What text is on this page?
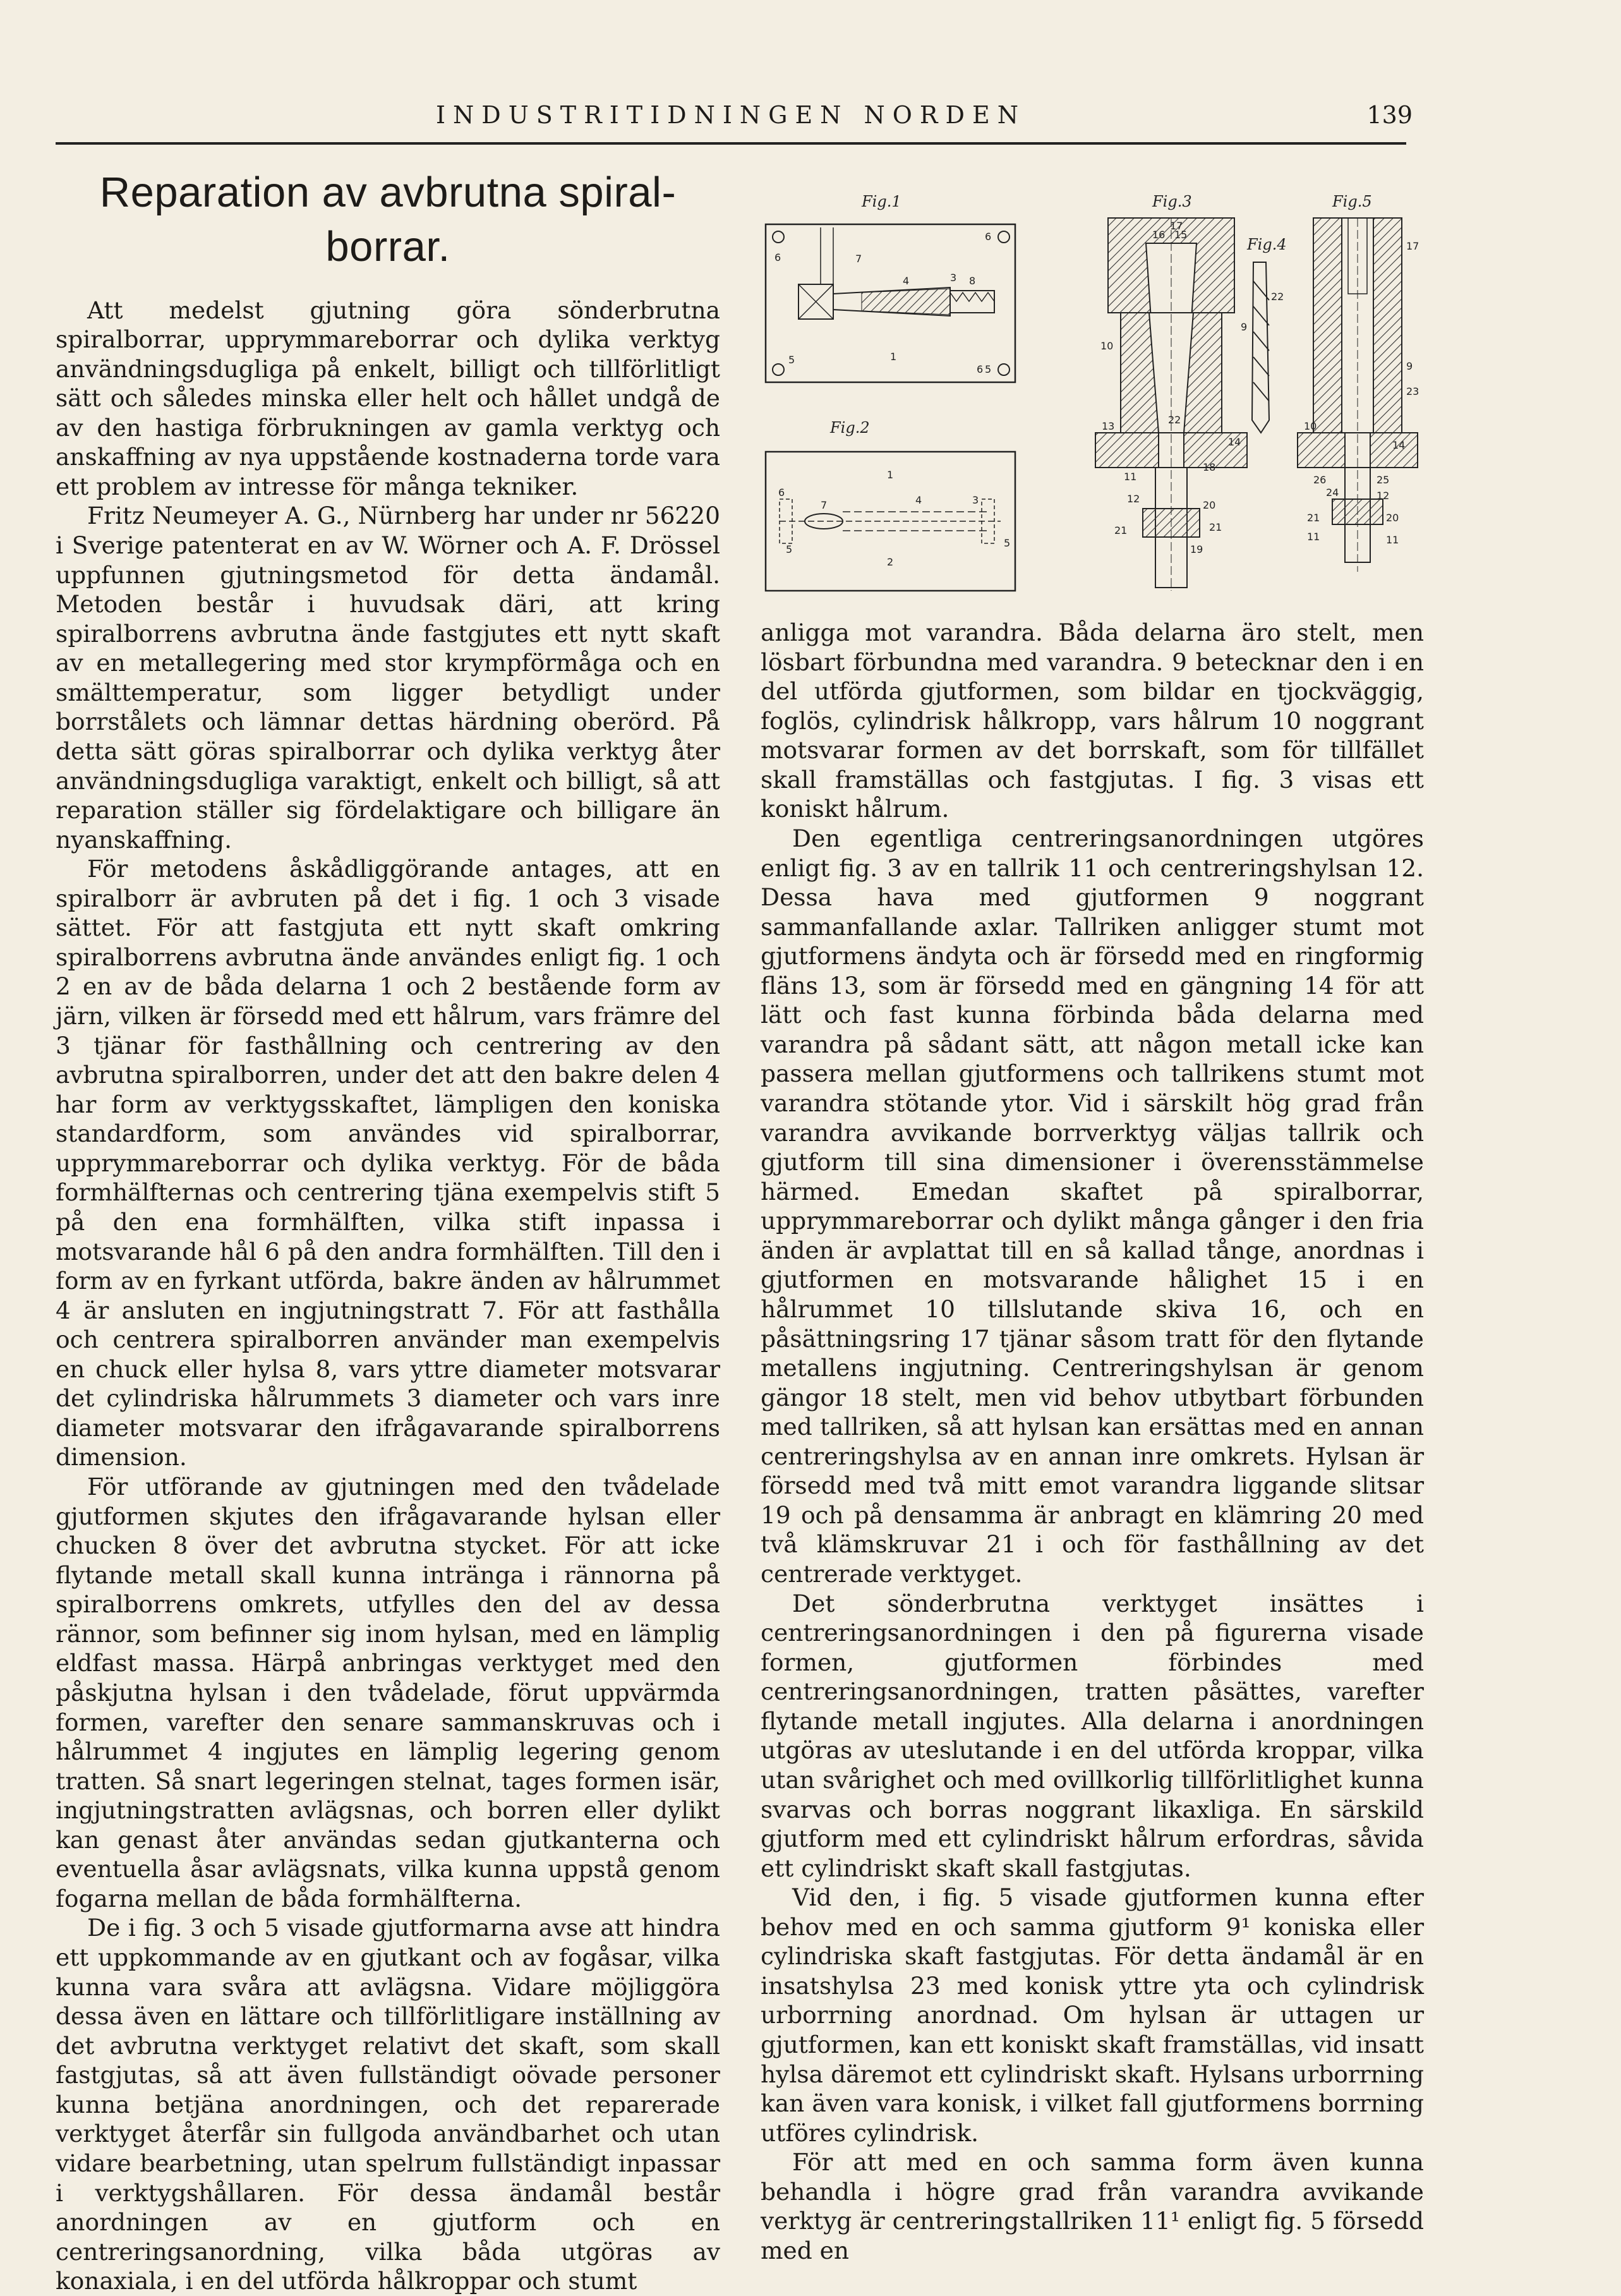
INDUSTRITIDNINGEN NORDEN	139
Reparation av avbrutna spiral-borrar.

Att medelst gjutning göra sönderbrutna spiralborrar, upprymmareborrar och dylika verktyg användningsdugliga på enkelt, billigt och tillförlitligt sätt och således minska eller helt och hållet undgå de av den hastiga förbrukningen av gamla verktyg och anskaffning av nya uppstående kostnaderna torde vara ett problem av intresse för många tekniker.

Fritz Neumeyer A. G., Nürnberg har under nr 56220 i Sverige patenterat en av W. Wörner och A. F. Drössel uppfunnen gjutningsmetod för detta ändamål. Metoden består i huvudsak däri, att kring spiralborrens avbrutna ände fastgjutes ett nytt skaft av en metallegering med stor krympförmåga och en smälttemperatur, som ligger betydligt under borrstålets och lämnar dettas härdning oberörd. På detta sätt göras spiralborrar och dylika verktyg åter användningsdugliga varaktigt, enkelt och billigt, så att reparation ställer sig fördelaktigare och billigare än nyanskaffning.

För metodens åskådliggörande antages, att en spiralborr är avbruten på det i fig. 1 och 3 visade sättet. För att fastgjuta ett nytt skaft omkring spiralborrens avbrutna ände användes enligt fig. 1 och 2 en av de båda delarna 1 och 2 bestående form av järn, vilken är försedd med ett hålrum, vars främre del 3 tjänar för fasthållning och centrering av den avbrutna spiralborren, under det att den bakre delen 4 har form av verktygsskaftet, lämpligen den koniska standardform, som användes vid spiralborrar, upprymmareborrar och dylika verktyg. För de båda formhälfternas och centrering tjäna exempelvis stift 5 på den ena formhälften, vilka stift inpassa i motsvarande hål 6 på den andra formhälften. Till den i form av en fyrkant utförda, bakre änden av hålrummet 4 är ansluten en ingjutningstratt 7. För att fasthålla och centrera spiralborren använder man exempelvis en chuck eller hylsa 8, vars yttre diameter motsvarar det cylindriska hålrummets 3 diameter och vars inre diameter motsvarar den ifrågavarande spiralborrens dimension.

För utförande av gjutningen med den tvådelade gjutformen skjutes den ifrågavarande hylsan eller chucken 8 över det avbrutna stycket. För att icke flytande metall skall kunna intränga i rännorna på spiralborrens omkrets, utfylles den del av dessa rännor, som befinner sig inom hylsan, med en lämplig eldfast massa. Härpå anbringas verktyget med den påskjutna hylsan i den tvådelade, förut uppvärmda formen, varefter den senare sammanskruvas och i hålrummet 4 ingjutes en lämplig legering genom tratten. Så snart legeringen stelnat, tages formen isär, ingjutningstratten avlägsnas, och borren eller dylikt kan genast åter användas sedan gjutkanterna och eventuella åsar avlägsnats, vilka kunna uppstå genom fogarna mellan de båda formhälfterna.

De i fig. 3 och 5 visade gjutformarna avse att hindra ett uppkommande av en gjutkant och av fogåsar, vilka kunna vara svåra att avlägsna. Vidare möjliggöra dessa även en lättare och tillförlitligare inställning av det avbrutna verktyget relativt det skaft, som skall fastgjutas, så att även fullständigt oövade personer kunna betjäna anordningen, och det reparerade verktyget återfår sin fullgoda användbarhet och utan vidare bearbetning, utan spelrum fullständigt inpassar i verktygshållaren. För dessa ändamål består anordningen av en gjutform och en centreringsanordning, vilka båda utgöras av konaxiala, i en del utförda hålkroppar och stumt

Fig.1
6	7
4	3 8
1
6
5
5
6
Fig.2
1
6
7	4
5
3
2
5
Fig.3
17
16 15
10
9
13
22
14
11
18
12
20
21	21
19
Fig.4
22
Fig.5
17
9
23
10
14
26	25
24	12
21	20
11	11

anligga mot varandra. Båda delarna äro stelt, men lösbart förbundna med varandra. 9 betecknar den i en del utförda gjutformen, som bildar en tjockväggig, foglös, cylindrisk hålkropp, vars hålrum 10 noggrant motsvarar formen av det borrskaft, som för tillfället skall framställas och fastgjutas. I fig. 3 visas ett koniskt hålrum.

Den egentliga centreringsanordningen utgöres enligt fig. 3 av en tallrik 11 och centreringshylsan 12. Dessa hava med gjutformen 9 noggrant sammanfallande axlar. Tallriken anligger stumt mot gjutformens ändyta och är försedd med en ringformig fläns 13, som är försedd med en gängning 14 för att lätt och fast kunna förbinda båda delarna med varandra på sådant sätt, att någon metall icke kan passera mellan gjutformens och tallrikens stumt mot varandra stötande ytor. Vid i särskilt hög grad från varandra avvikande borrverktyg väljas tallrik och gjutform till sina dimensioner i överensstämmelse härmed. Emedan skaftet på spiralborrar, upprymmareborrar och dylikt många gånger i den fria änden är avplattat till en så kallad tånge, anordnas i gjutformen en motsvarande hålighet 15 i en hålrummet 10 tillslutande skiva 16, och en påsättningsring 17 tjänar såsom tratt för den flytande metallens ingjutning. Centreringshylsan är genom gängor 18 stelt, men vid behov utbytbart förbunden med tallriken, så att hylsan kan ersättas med en annan centreringshylsa av en annan inre omkrets. Hylsan är försedd med två mitt emot varandra liggande slitsar 19 och på densamma är anbragt en klämring 20 med två klämskruvar 21 i och för fasthållning av det centrerade verktyget.

Det sönderbrutna verktyget insättes i centreringsanordningen i den på figurerna visade formen, gjutformen förbindes med centreringsanordningen, tratten påsättes, varefter flytande metall ingjutes. Alla delarna i anordningen utgöras av uteslutande i en del utförda kroppar, vilka utan svårighet och med ovillkorlig tillförlitlighet kunna svarvas och borras noggrant likaxliga. En särskild gjutform med ett cylindriskt hålrum erfordras, såvida ett cylindriskt skaft skall fastgjutas.

Vid den, i fig. 5 visade gjutformen kunna efter behov med en och samma gjutform 9¹ koniska eller cylindriska skaft fastgjutas. För detta ändamål är en insatshylsa 23 med konisk yttre yta och cylindrisk urborrning anordnad. Om hylsan är uttagen ur gjutformen, kan ett koniskt skaft framställas, vid insatt hylsa däremot ett cylindriskt skaft. Hylsans urborrning kan även vara konisk, i vilket fall gjutformens borrning utföres cylindrisk.

För att med en och samma form även kunna behandla i högre grad från varandra avvikande verktyg är centreringstallriken 11¹ enligt fig. 5 försedd med en
